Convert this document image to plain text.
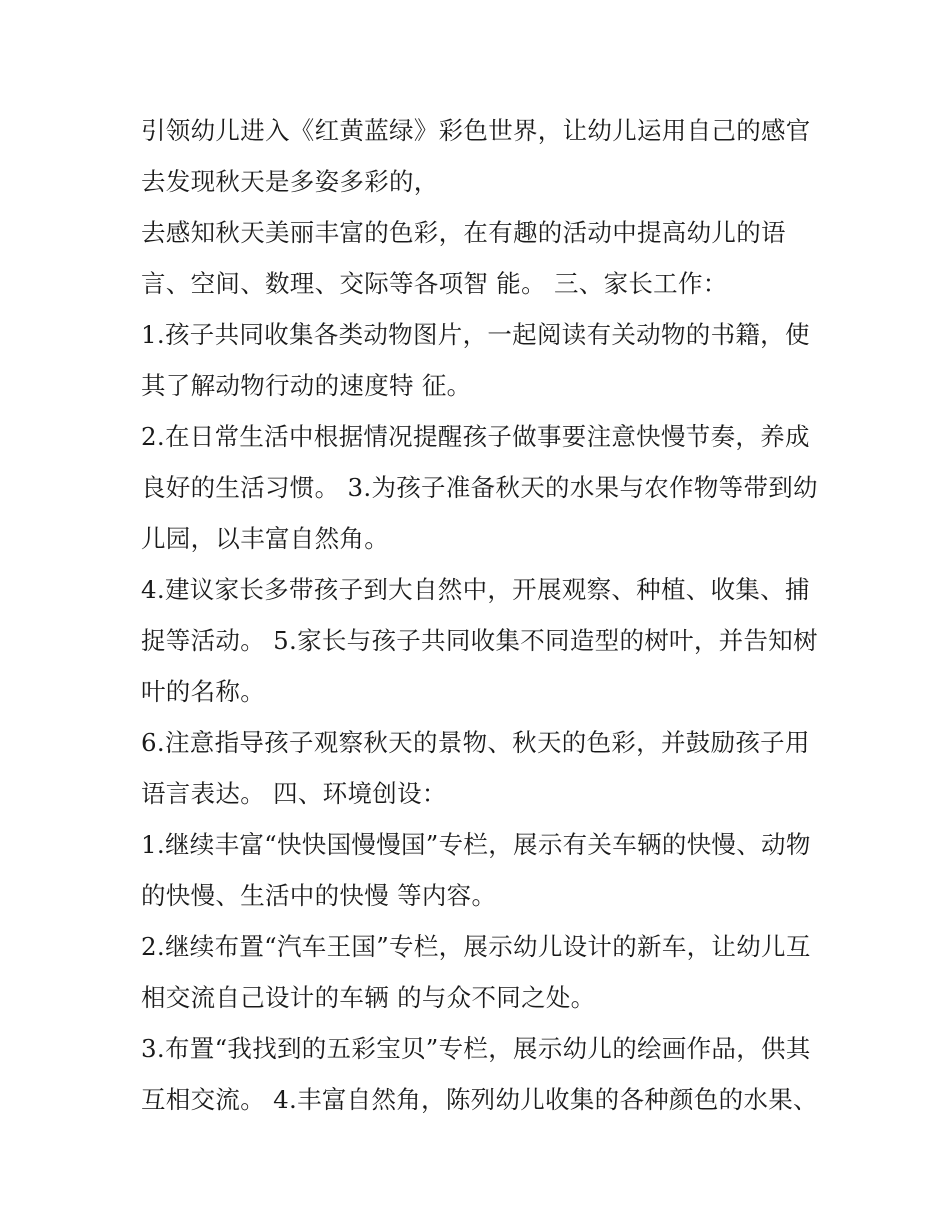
引领幼儿进入《红黄蓝绿》彩色世界，让幼儿运用自己的感官
去发现秋天是多姿多彩的，
去感知秋天美丽丰富的色彩，在有趣的活动中提高幼儿的语
言、空间、数理、交际等各项智 能。 三、家长工作：
1.孩子共同收集各类动物图片，一起阅读有关动物的书籍，使
其了解动物行动的速度特 征。
2.在日常生活中根据情况提醒孩子做事要注意快慢节奏，养成
良好的生活习惯。 3.为孩子准备秋天的水果与农作物等带到幼
儿园，以丰富自然角。
4.建议家长多带孩子到大自然中，开展观察、种植、收集、捕
捉等活动。 5.家长与孩子共同收集不同造型的树叶，并告知树
叶的名称。
6.注意指导孩子观察秋天的景物、秋天的色彩，并鼓励孩子用
语言表达。 四、环境创设：
1.继续丰富“快快国慢慢国”专栏，展示有关车辆的快慢、动物
的快慢、生活中的快慢 等内容。
2.继续布置“汽车王国”专栏，展示幼儿设计的新车，让幼儿互
相交流自己设计的车辆 的与众不同之处。
3.布置“我找到的五彩宝贝”专栏，展示幼儿的绘画作品，供其
互相交流。 4.丰富自然角，陈列幼儿收集的各种颜色的水果、
